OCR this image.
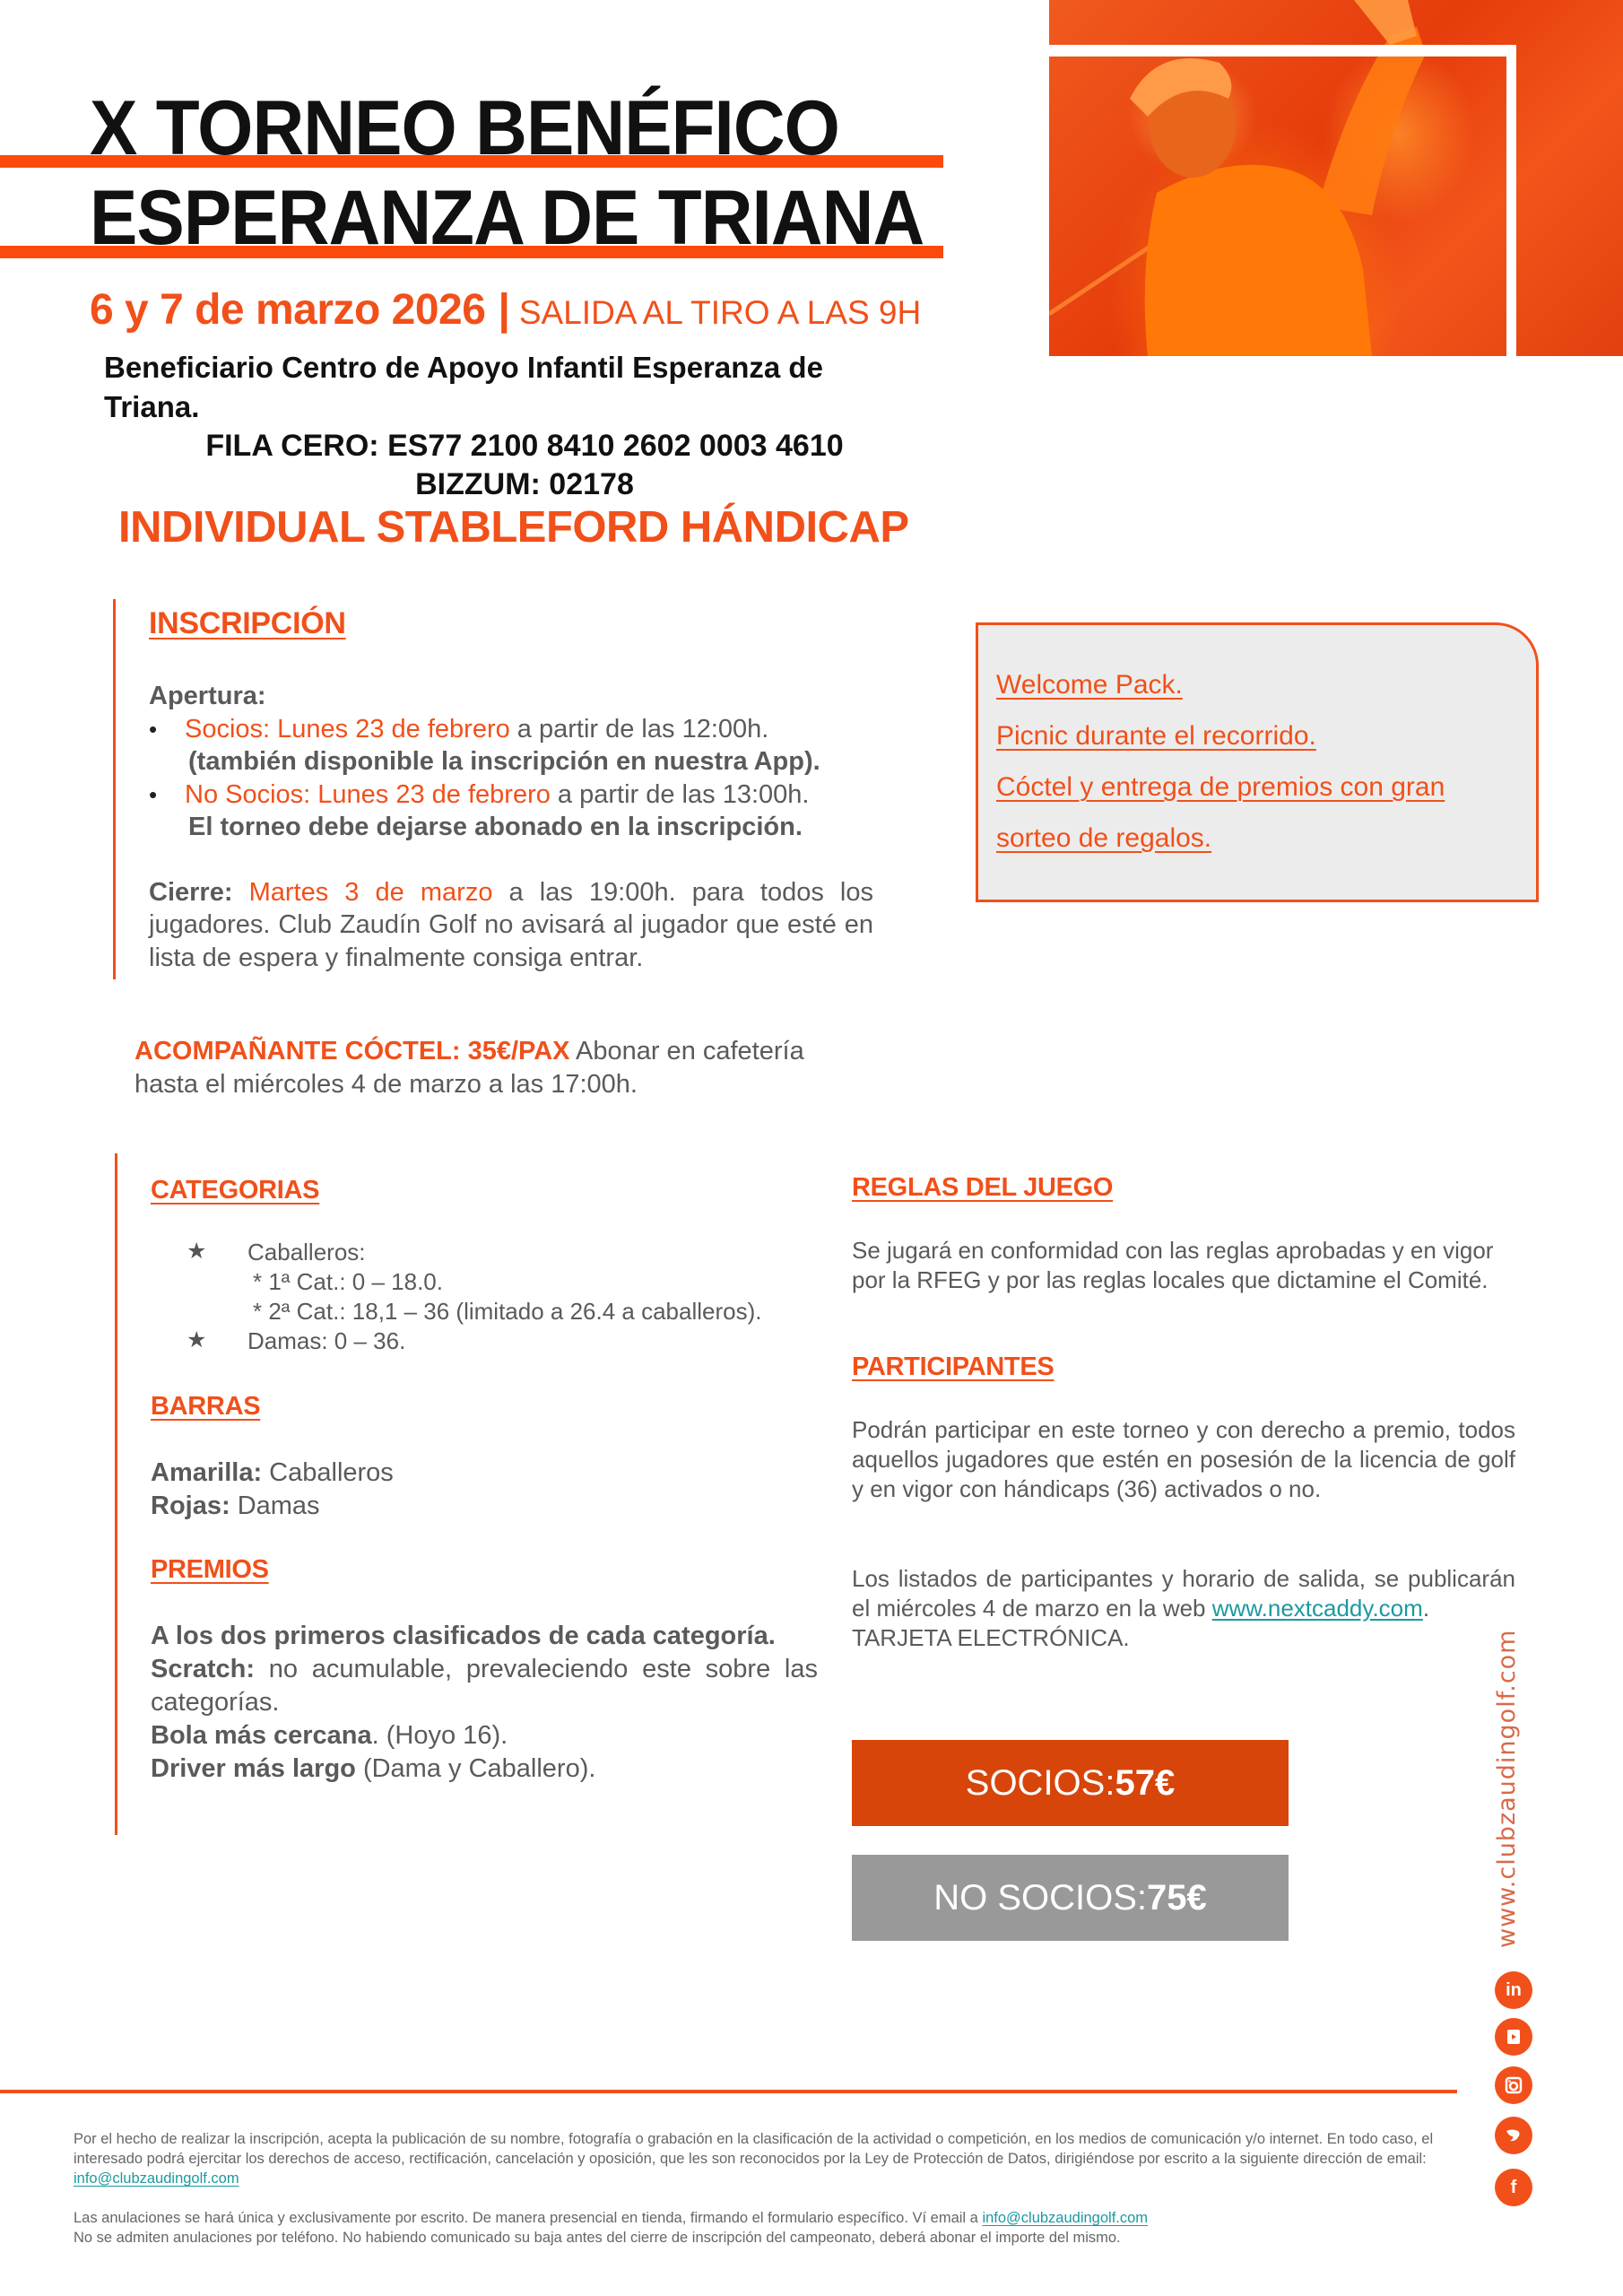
X TORNEO BENÉFICO
ESPERANZA DE TRIANA
6 y 7 de marzo 2026 | SALIDA AL TIRO A LAS 9H
Beneficiario Centro de Apoyo Infantil Esperanza de Triana.
FILA CERO: ES77 2100 8410 2602 0003 4610
BIZZUM: 02178
INDIVIDUAL STABLEFORD HÁNDICAP
INSCRIPCIÓN
Apertura:
• Socios: Lunes 23 de febrero a partir de las 12:00h.
(también disponible la inscripción en nuestra App).
• No Socios: Lunes 23 de febrero a partir de las 13:00h.
El torneo debe dejarse abonado en la inscripción.
Cierre: Martes 3 de marzo a las 19:00h. para todos los jugadores. Club Zaudín Golf no avisará al jugador que esté en lista de espera y finalmente consiga entrar.
Welcome Pack.
Picnic durante el recorrido.
Cóctel y entrega de premios con gran
sorteo de regalos.
ACOMPAÑANTE CÓCTEL: 35€/PAX Abonar en cafetería hasta el miércoles 4 de marzo a las 17:00h.
CATEGORIAS
★ Caballeros:
* 1ª Cat.: 0 – 18.0.
* 2ª Cat.: 18,1 – 36 (limitado a 26.4 a caballeros).
★ Damas: 0 – 36.
BARRAS
Amarilla: Caballeros
Rojas: Damas
PREMIOS
A los dos primeros clasificados de cada categoría.
Scratch: no acumulable, prevaleciendo este sobre las categorías.
Bola más cercana. (Hoyo 16).
Driver más largo (Dama y Caballero).
REGLAS DEL JUEGO
Se jugará en conformidad con las reglas aprobadas y en vigor por la RFEG y por las reglas locales que dictamine el Comité.
PARTICIPANTES
Podrán participar en este torneo y con derecho a premio, todos aquellos jugadores que estén en posesión de la licencia de golf y en vigor con hándicaps (36) activados o no.
Los listados de participantes y horario de salida, se publicarán el miércoles 4 de marzo en la web www.nextcaddy.com.
TARJETA ELECTRÓNICA.
SOCIOS: 57€
NO SOCIOS: 75€	www.clubzaudingolf.com
in
f
Por el hecho de realizar la inscripción, acepta la publicación de su nombre, fotografía o grabación en la clasificación de la actividad o competición, en los medios de comunicación y/o internet. En todo caso, el interesado podrá ejercitar los derechos de acceso, rectificación, cancelación y oposición, que les son reconocidos por la Ley de Protección de Datos, dirigiéndose por escrito a la siguiente dirección de email: info@clubzaudingolf.com
Las anulaciones se hará única y exclusivamente por escrito. De manera presencial en tienda, firmando el formulario específico. Ví email a info@clubzaudingolf.com
No se admiten anulaciones por teléfono. No habiendo comunicado su baja antes del cierre de inscripción del campeonato, deberá abonar el importe del mismo.
